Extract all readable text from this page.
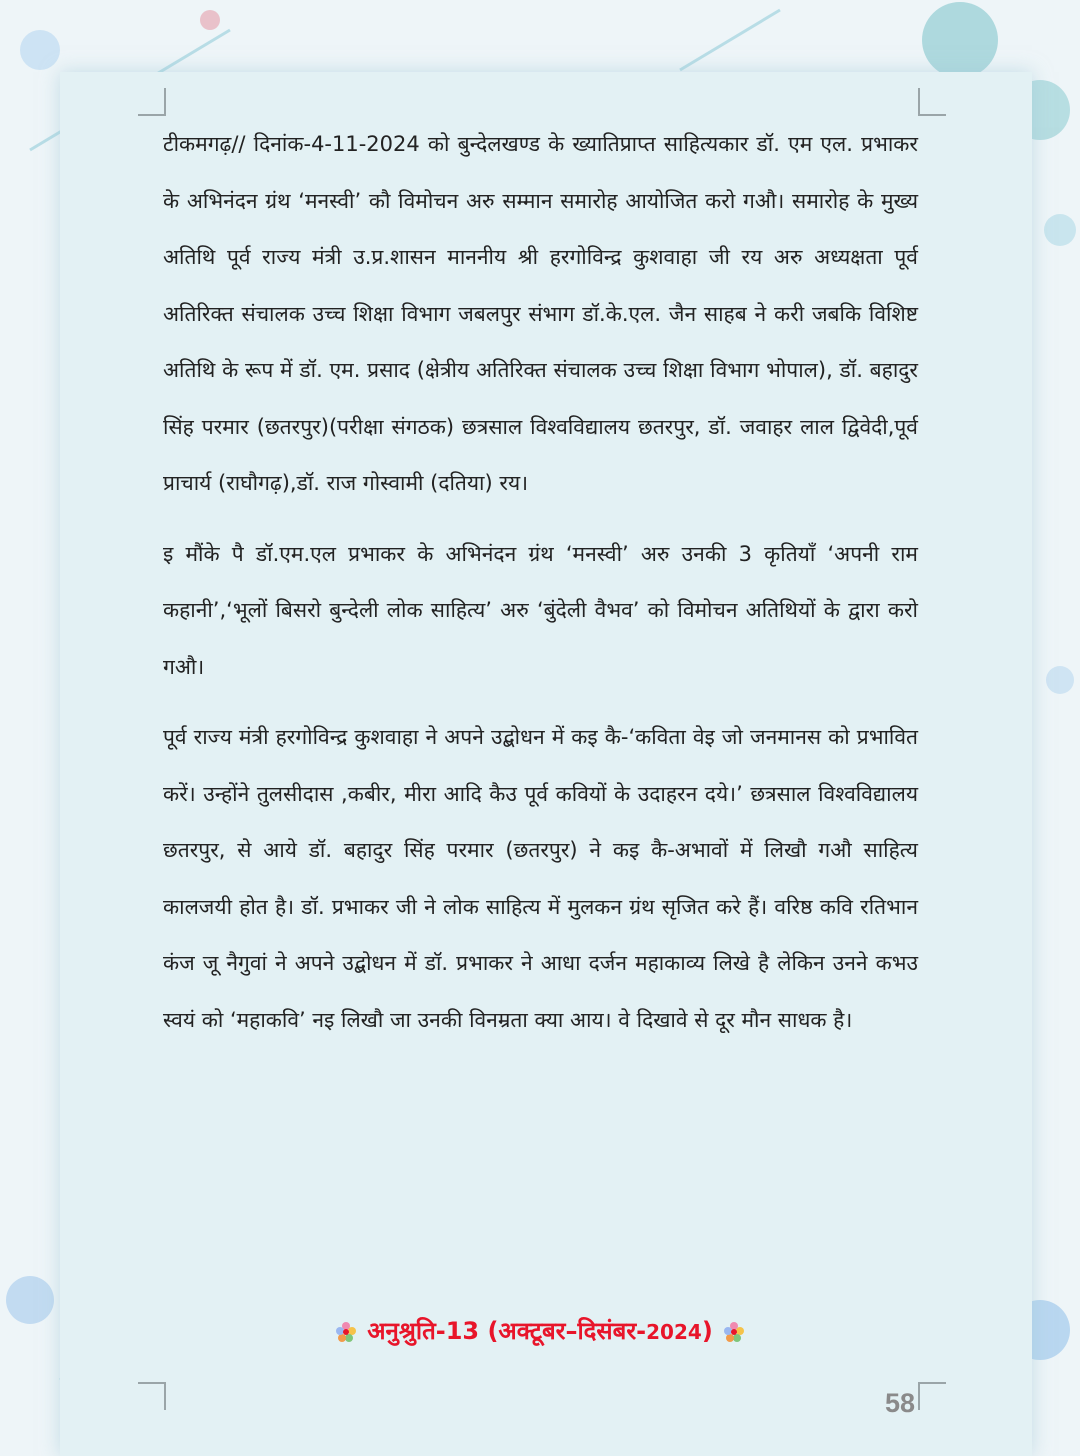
टीकमगढ़// दिनांक-4-11-2024 को बुन्देलखण्ड के ख्यातिप्राप्त साहित्यकार डॉ. एम एल. प्रभाकर के अभिनंदन ग्रंथ ‘मनस्वी’ कौ विमोचन अरु सम्मान समारोह आयोजित करो गऔ। समारोह के मुख्य अतिथि पूर्व राज्य मंत्री उ.प्र.शासन माननीय श्री हरगोविन्द्र कुशवाहा जी रय अरु अध्यक्षता पूर्व अतिरिक्त संचालक उच्च शिक्षा विभाग जबलपुर संभाग डॉ.के.एल. जैन साहब ने करी जबकि विशिष्ट अतिथि के रूप में डॉ. एम. प्रसाद (क्षेत्रीय अतिरिक्त संचालक उच्च शिक्षा विभाग भोपाल), डॉ. बहादुर सिंह परमार (छतरपुर)(परीक्षा संगठक) छत्रसाल विश्वविद्यालय छतरपुर, डॉ. जवाहर लाल द्विवेदी,पूर्व प्राचार्य (राघौगढ़),डॉ. राज गोस्वामी (दतिया) रय।

इ मौंके पै डॉ.एम.एल प्रभाकर के अभिनंदन ग्रंथ ‘मनस्वी’ अरु उनकी 3 कृतियाँ ‘अपनी राम कहानी’,‘भूलों बिसरो बुन्देली लोक साहित्य’ अरु ‘बुंदेली वैभव’ को विमोचन अतिथियों के द्वारा करो गऔ।

पूर्व राज्य मंत्री हरगोविन्द्र कुशवाहा ने अपने उद्बोधन में कइ कै-‘कविता वेइ जो जनमानस को प्रभावित करें। उन्होंने तुलसीदास ,कबीर, मीरा आदि कैउ पूर्व कवियों के उदाहरन दये।’ छत्रसाल विश्वविद्यालय छतरपुर, से आये डॉ. बहादुर सिंह परमार (छतरपुर) ने कइ कै-अभावों में लिखौ गऔ साहित्य कालजयी होत है। डॉ. प्रभाकर जी ने लोक साहित्य में मुलकन ग्रंथ सृजित करे हैं। वरिष्ठ कवि रतिभान कंज जू नैगुवां ने अपने उद्बोधन में डॉ. प्रभाकर ने आधा दर्जन महाकाव्य लिखे है लेकिन उनने कभउ स्वयं को ‘महाकवि’ नइ लिखौ जा उनकी विनम्रता क्या आय। वे दिखावे से दूर मौन साधक है।

अनुश्रुति-13 (अक्टूबर–दिसंबर-2024)
58
